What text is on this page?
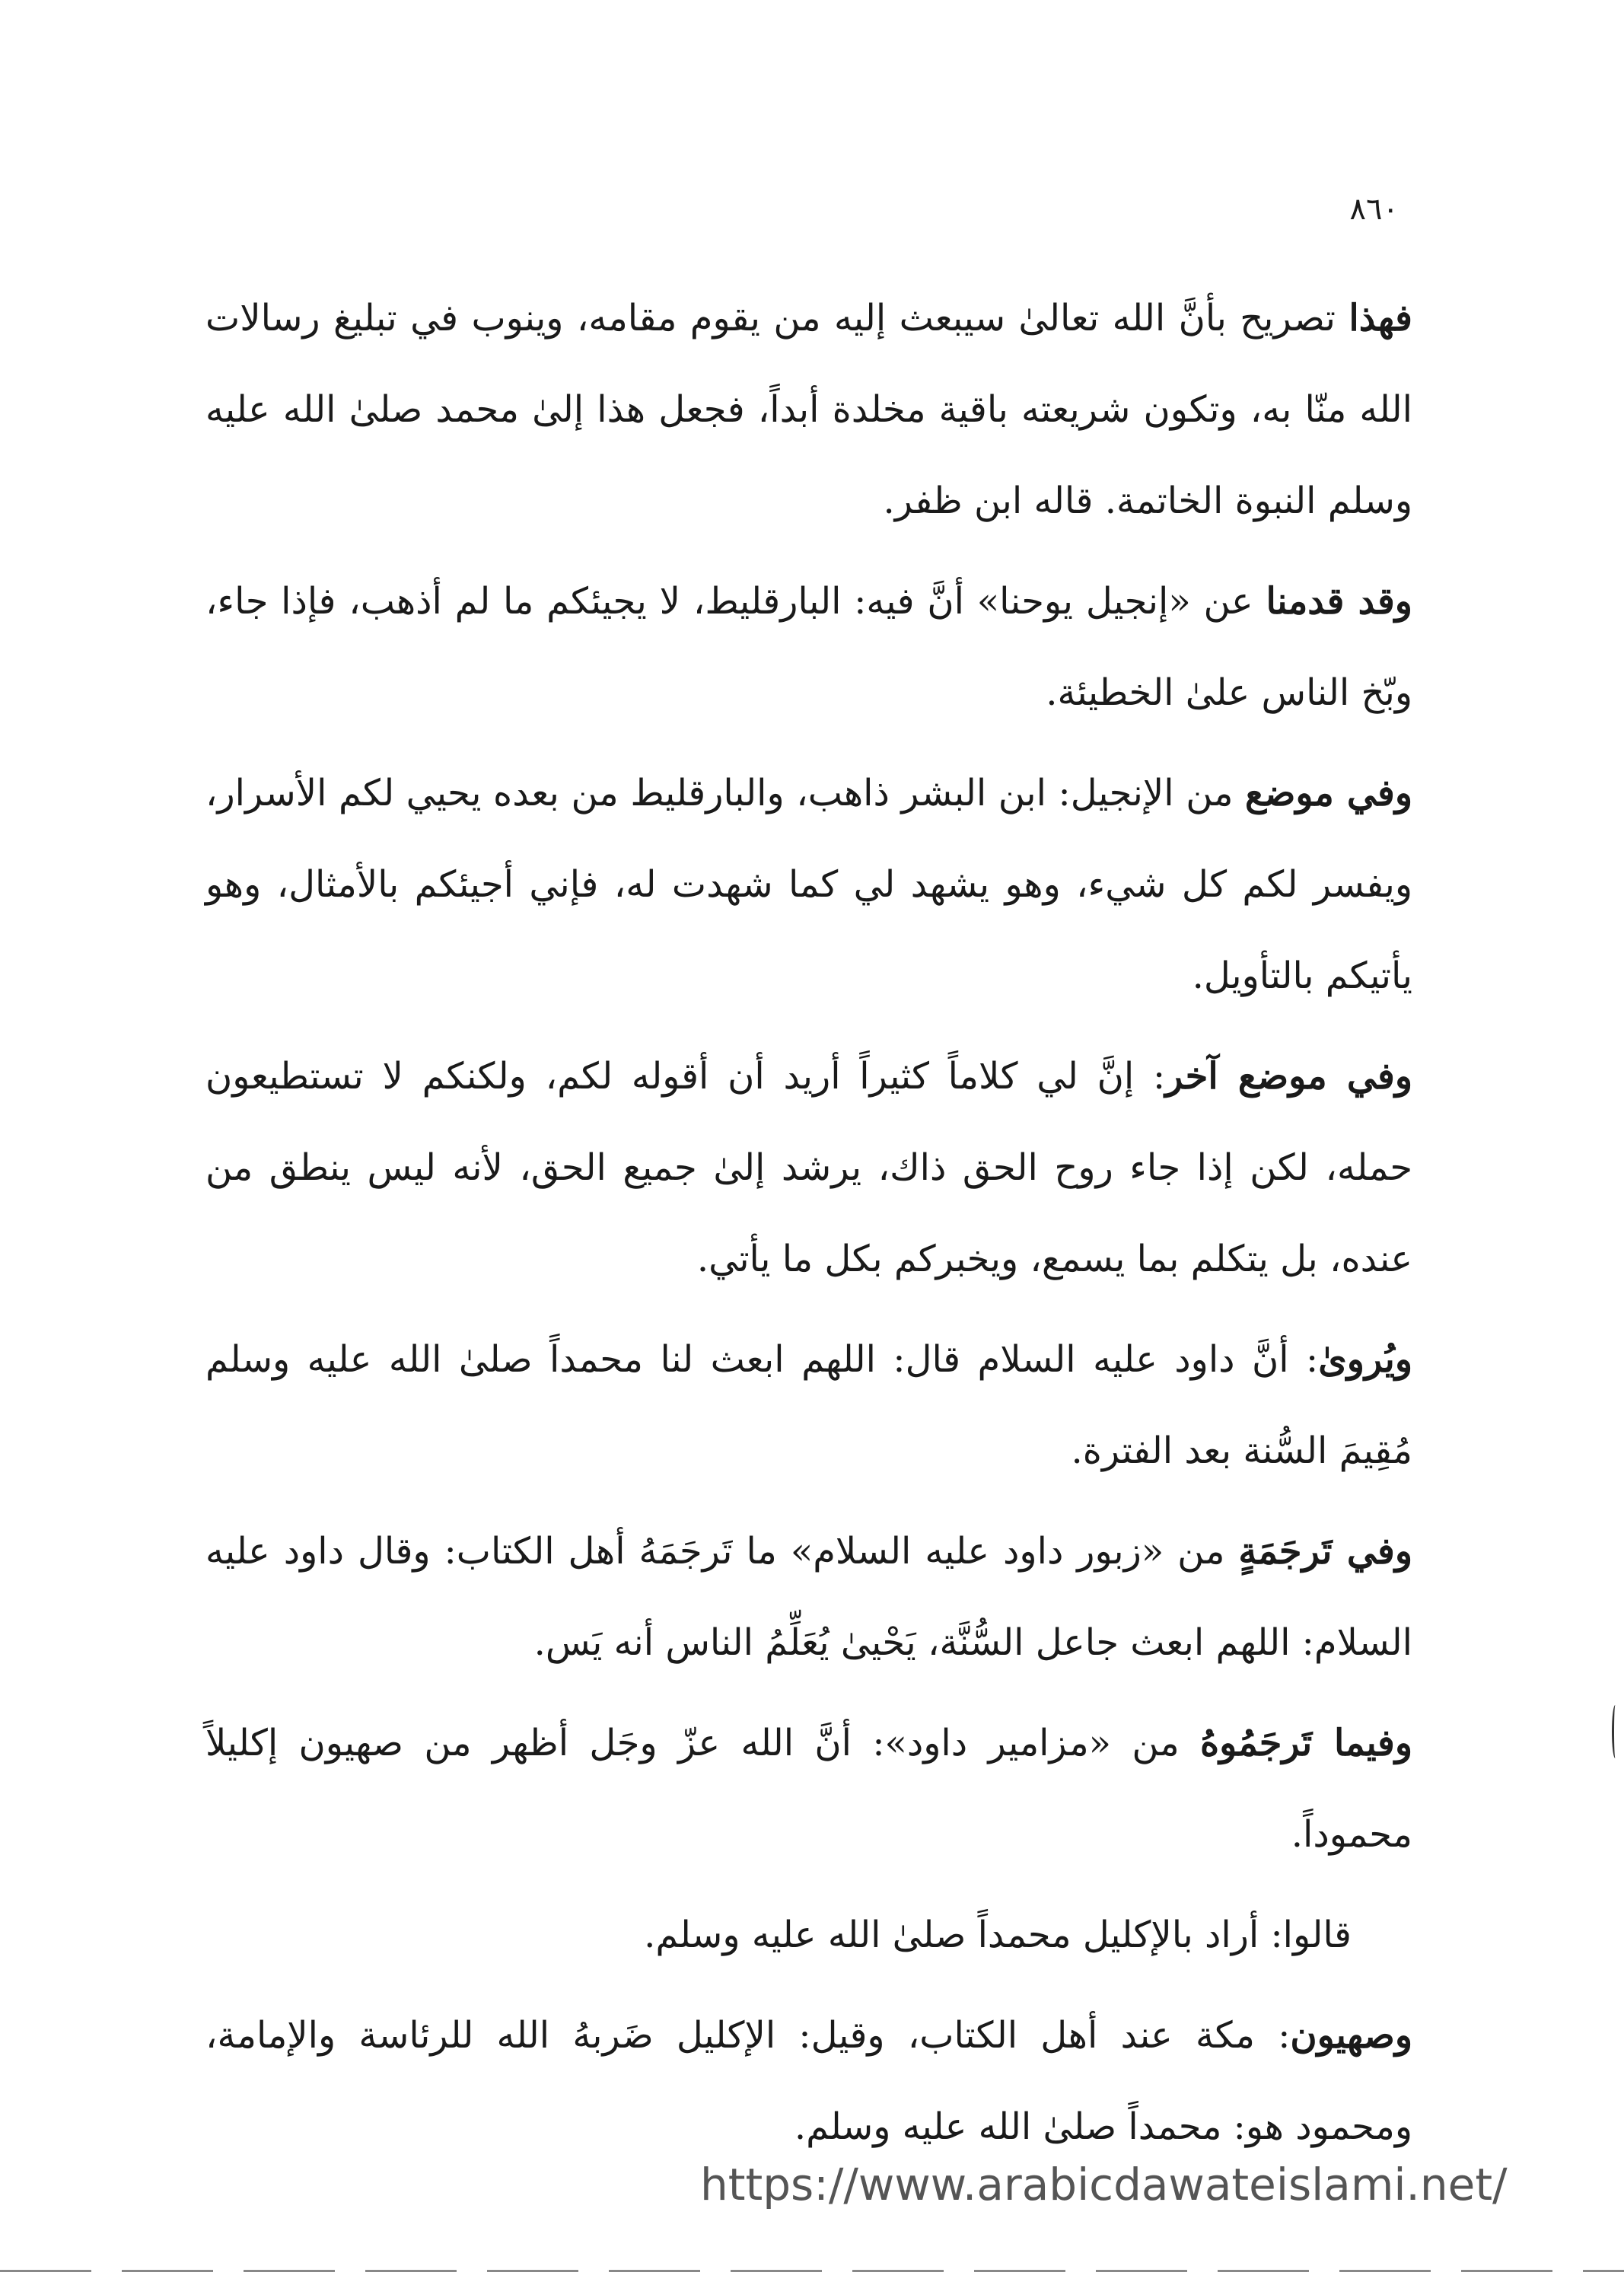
٨٦٠

فهذا تصريح بأنَّ الله تعالىٰ سيبعث إليه من يقوم مقامه، وينوب في تبليغ رسالات الله منّا به، وتكون شريعته باقية مخلدة أبداً، فجعل هذا إلىٰ محمد صلىٰ الله عليه وسلم النبوة الخاتمة. قاله ابن ظفر.

وقد قدمنا عن «إنجيل يوحنا» أنَّ فيه: البارقليط، لا يجيئكم ما لم أذهب، فإذا جاء، وبّخ الناس علىٰ الخطيئة.

وفي موضع من الإنجيل: ابن البشر ذاهب، والبارقليط من بعده يحيي لكم الأسرار، ويفسر لكم كل شيء، وهو يشهد لي كما شهدت له، فإني أجيئكم بالأمثال، وهو يأتيكم بالتأويل.

وفي موضع آخر: إنَّ لي كلاماً كثيراً أريد أن أقوله لكم، ولكنكم لا تستطيعون حمله، لكن إذا جاء روح الحق ذاك، يرشد إلىٰ جميع الحق، لأنه ليس ينطق من عنده، بل يتكلم بما يسمع، ويخبركم بكل ما يأتي.

ويُروىٰ: أنَّ داود عليه السلام قال: اللهم ابعث لنا محمداً صلىٰ الله عليه وسلم مُقِيمَ السُّنة بعد الفترة.

وفي تَرجَمَةٍ من «زبور داود عليه السلام» ما تَرجَمَهُ أهل الكتاب: وقال داود عليه السلام: اللهم ابعث جاعل السُّنَّة، يَحْيىٰ يُعَلِّمُ الناس أنه يَس.

وفيما تَرجَمُوهُ من «مزامير داود»: أنَّ الله عزّ وجَل أظهر من صهيون إكليلاً محموداً.

قالوا: أراد بالإكليل محمداً صلىٰ الله عليه وسلم.

وصهيون: مكة عند أهل الكتاب، وقيل: الإكليل ضَربهُ الله للرئاسة والإمامة، ومحمود هو: محمداً صلىٰ الله عليه وسلم.

https://www.arabicdawateislami.net/
